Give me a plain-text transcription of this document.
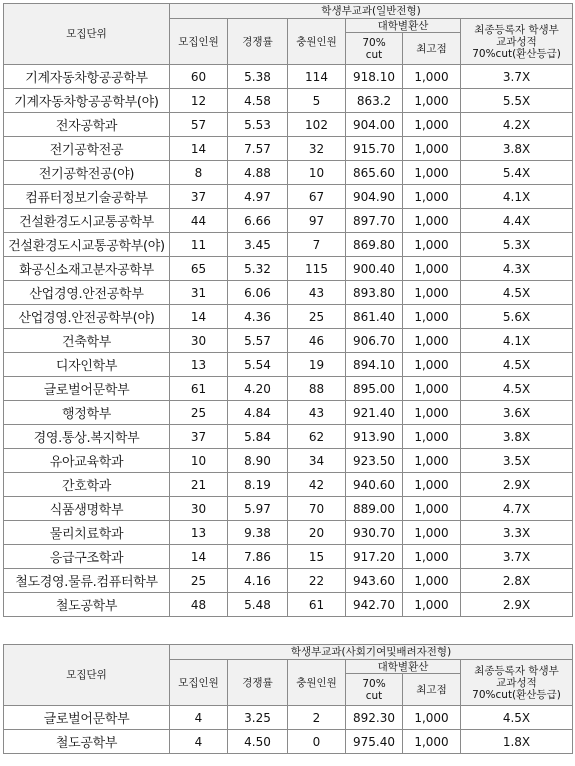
모집단위	학생부교과(일반전형)					
	모집인원	경쟁률	충원인원	대학별환산		최종등록자 학생부
교과성적
70%cut(환산등급)
				70%
cut	최고점	
기계자동차항공공학부	60	5.38	114	918.10	1,000	3.7X
기계자동차항공공학부(야)	12	4.58	5	863.2	1,000	5.5X
전자공학과	57	5.53	102	904.00	1,000	4.2X
전기공학전공	14	7.57	32	915.70	1,000	3.8X
전기공학전공(야)	8	4.88	10	865.60	1,000	5.4X
컴퓨터정보기술공학부	37	4.97	67	904.90	1,000	4.1X
건설환경도시교통공학부	44	6.66	97	897.70	1,000	4.4X
건설환경도시교통공학부(야)	11	3.45	7	869.80	1,000	5.3X
화공신소재고분자공학부	65	5.32	115	900.40	1,000	4.3X
산업경영.안전공학부	31	6.06	43	893.80	1,000	4.5X
산업경영.안전공학부(야)	14	4.36	25	861.40	1,000	5.6X
건축학부	30	5.57	46	906.70	1,000	4.1X
디자인학부	13	5.54	19	894.10	1,000	4.5X
글로벌어문학부	61	4.20	88	895.00	1,000	4.5X
행정학부	25	4.84	43	921.40	1,000	3.6X
경영.통상.복지학부	37	5.84	62	913.90	1,000	3.8X
유아교육학과	10	8.90	34	923.50	1,000	3.5X
간호학과	21	8.19	42	940.60	1,000	2.9X
식품생명학부	30	5.97	70	889.00	1,000	4.7X
물리치료학과	13	9.38	20	930.70	1,000	3.3X
응급구조학과	14	7.86	15	917.20	1,000	3.7X
철도경영.물류.컴퓨터학부	25	4.16	22	943.60	1,000	2.8X
철도공학부	48	5.48	61	942.70	1,000	2.9X
모집단위	학생부교과(사회기여및배려자전형)					
	모집인원	경쟁률	충원인원	대학별환산		최종등록자 학생부
교과성적
70%cut(환산등급)
				70%
cut	최고점	
글로벌어문학부	4	3.25	2	892.30	1,000	4.5X
철도공학부	4	4.50	0	975.40	1,000	1.8X
